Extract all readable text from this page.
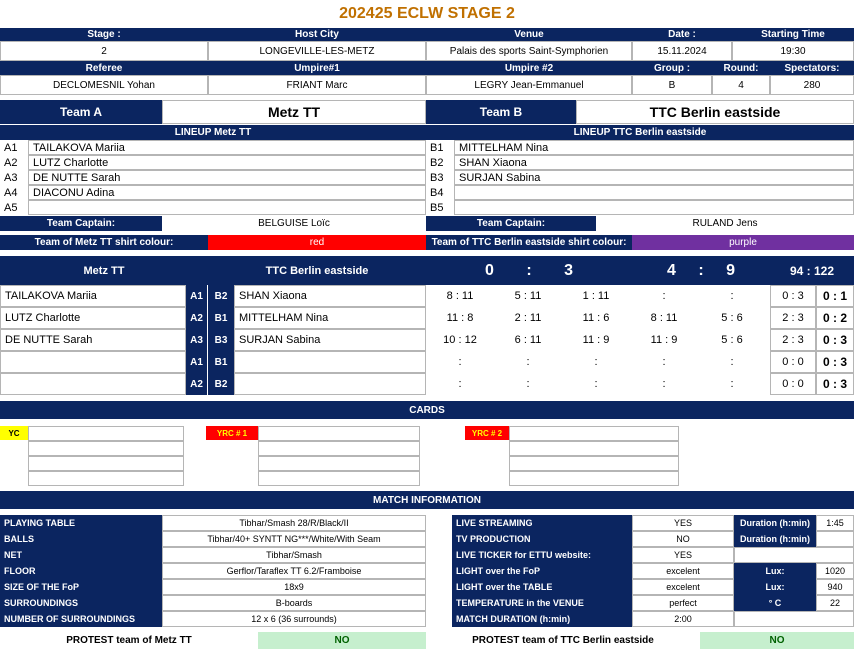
202425 ECLW STAGE 2
Stage :
2
Host City
LONGEVILLE-LES-METZ
Venue
Palais des sports Saint-Symphorien
Date :
15.11.2024
Starting Time
19:30
Referee
DECLOMESNIL Yohan
Umpire#1
FRIANT Marc
Umpire #2
LEGRY Jean-Emmanuel
Group :
B
Round:
4
Spectators:
280
Team A	Metz TT	Team B	TTC Berlin eastside
LINEUP Metz TT	LINEUP TTC Berlin eastside
A1	TAILAKOVA Mariia	B1	MITTELHAM Nina
A2	LUTZ Charlotte	B2	SHAN Xiaona
A3	DE NUTTE Sarah	B3	SURJAN Sabina
A4	DIACONU Adina	B4
A5	B5
Team Captain:	BELGUISE Loïc	Team Captain:	RULAND Jens
Team of Metz TT shirt colour:	red	Team of TTC Berlin eastside shirt colour:	purple
Metz TT	TTC Berlin eastside	0 : 3	4 : 9	94 : 122
TAILAKOVA Mariia	A1	B2	SHAN Xiaona	8 : 11	5 : 11	1 : 11	:	:	0 : 3	0 : 1
LUTZ Charlotte	A2	B1	MITTELHAM Nina	11 : 8	2 : 11	11 : 6	8 : 11	5 : 6	2 : 3	0 : 2
DE NUTTE Sarah	A3	B3	SURJAN Sabina	10 : 12	6 : 11	11 : 9	11 : 9	5 : 6	2 : 3	0 : 3
A1	B1	:	:	:	:	:	0 : 0	0 : 3
A2	B2	:	:	:	:	:	0 : 0	0 : 3
CARDS
YC	YRC # 1	YRC # 2
MATCH INFORMATION
PLAYING TABLE	Tibhar/Smash 28/R/Black/II	LIVE STREAMING	YES	Duration (h:min)	1:45
BALLS	Tibhar/40+ SYNTT NG***/White/With Seam	TV PRODUCTION	NO	Duration (h:min)
NET	Tibhar/Smash	LIVE TICKER for ETTU website:	YES
FLOOR	Gerflor/Taraflex TT 6.2/Framboise	LIGHT over the FoP	excelent	Lux:	1020
SIZE OF THE FoP	18x9	LIGHT over the TABLE	excelent	Lux:	940
SURROUNDINGS	B-boards	TEMPERATURE in the VENUE	perfect	° C	22
NUMBER OF SURROUNDINGS	12 x 6 (36 surrounds)	MATCH DURATION (h:min)	2:00
PROTEST team of Metz TT	NO	PROTEST team of TTC Berlin eastside	NO
